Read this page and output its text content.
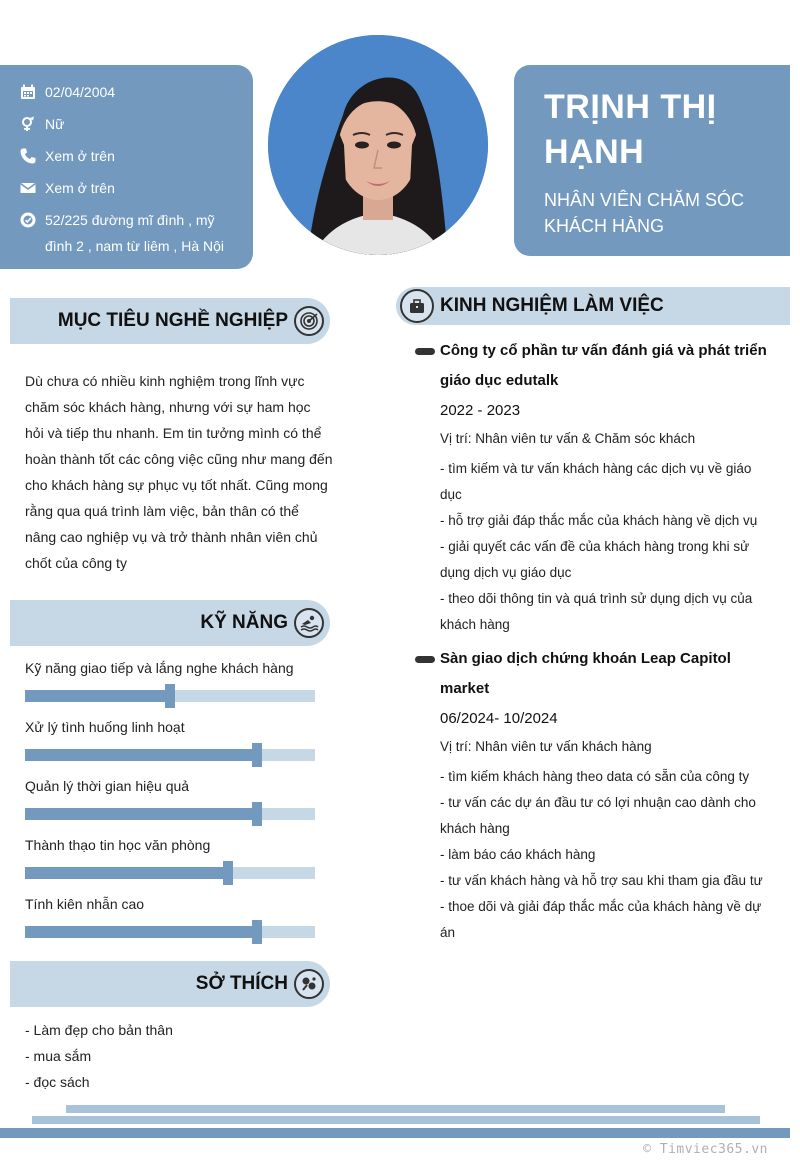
02/04/2004
Nữ
Xem ở trên
Xem ở trên
52/225 đường mĩ đình , mỹ đình 2 , nam từ liêm , Hà Nội
TRỊNH THỊ HẠNH
NHÂN VIÊN CHĂM SÓC KHÁCH HÀNG
MỤC TIÊU NGHỀ NGHIỆP
Dù chưa có nhiều kinh nghiệm trong lĩnh vực chăm sóc khách hàng, nhưng với sự ham học hỏi và tiếp thu nhanh. Em tin tưởng mình có thể hoàn thành tốt các công việc cũng như mang đến cho khách hàng sự phục vụ tốt nhất. Cũng mong rằng qua quá trình làm việc, bản thân có thể nâng cao nghiệp vụ và trở thành nhân viên chủ chốt của công ty
KỸ NĂNG
Kỹ năng giao tiếp và lắng nghe khách hàng
Xử lý tình huống linh hoạt
Quản lý thời gian hiệu quả
Thành thạo tin học văn phòng
Tính kiên nhẫn cao
SỞ THÍCH
- Làm đẹp cho bản thân
- mua sắm
- đọc sách
KINH NGHIỆM LÀM VIỆC
Công ty cổ phần tư vấn đánh giá và phát triển giáo dục edutalk
2022 - 2023
Vị trí: Nhân viên tư vấn & Chăm sóc khách
- tìm kiếm và tư vấn khách hàng các dịch vụ về giáo dục
- hỗ trợ giải đáp thắc mắc của khách hàng về dịch vụ
- giải quyết các vấn đề của khách hàng trong khi sử dụng dịch vụ giáo dục
- theo dõi thông tin và quá trình sử dụng dịch vụ của khách hàng
Sàn giao dịch chứng khoán Leap Capitol market
06/2024- 10/2024
Vị trí: Nhân viên tư vấn khách hàng
- tìm kiếm khách hàng theo data có sẵn của công ty
- tư vấn các dự án đầu tư có lợi nhuận cao dành cho khách hàng
- làm báo cáo khách hàng
- tư vấn khách hàng và hỗ trợ sau khi tham gia đầu tư
- thoe dõi và giải đáp thắc mắc của khách hàng về dự án
© Timviec365.vn
